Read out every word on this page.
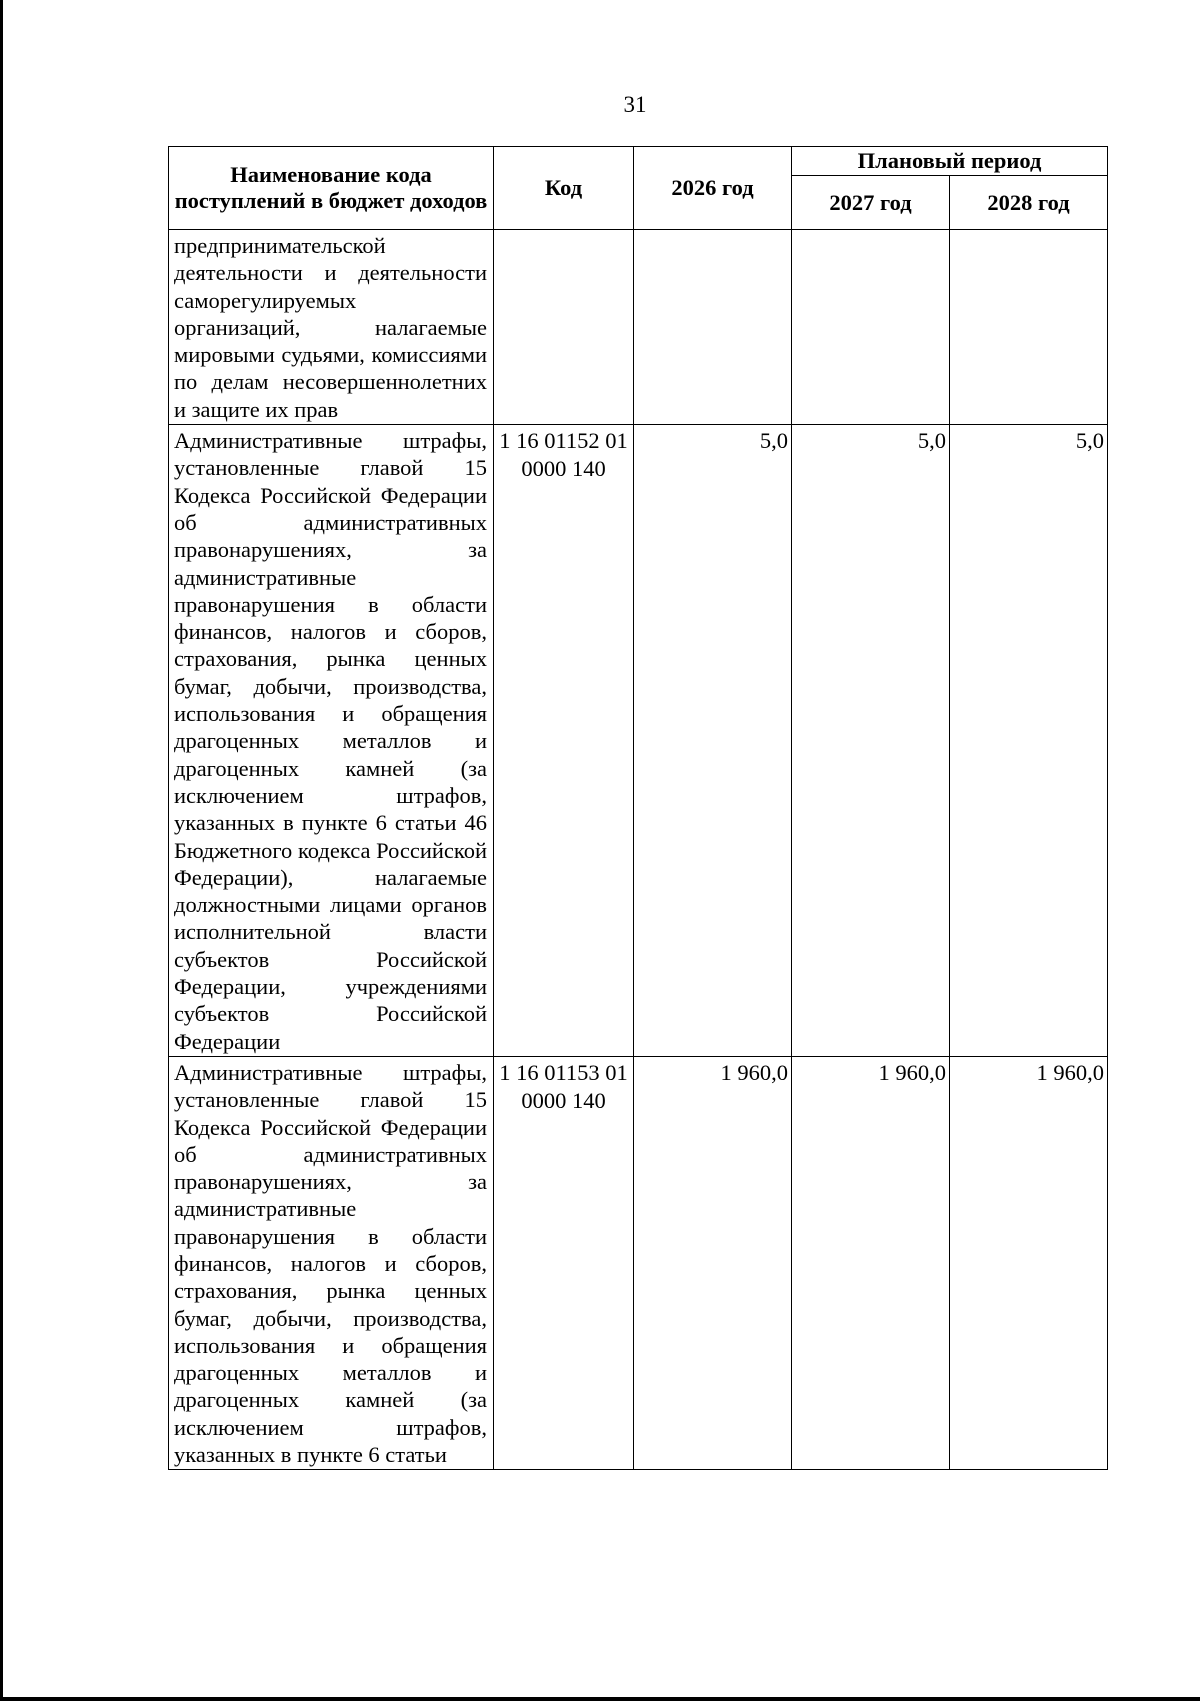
31
Наименование кода поступлений в бюджет доходов	Код	2026 год	Плановый период	
			2027 год	2028 год
предпринимательской деятельности и деятельности саморегулируемых организаций, налагаемые мировыми судьями, комиссиями по делам несовершеннолетних и защите их прав				
Административные штрафы, установленные главой 15 Кодекса Российской Федерации об административных правонарушениях, за административные правонарушения в области финансов, налогов и сборов, страхования, рынка ценных бумаг, добычи, производства, использования и обращения драгоценных металлов и драгоценных камней (за исключением штрафов, указанных в пункте 6 статьи 46 Бюджетного кодекса Российской Федерации), налагаемые должностными лицами органов исполнительной власти субъектов Российской Федерации, учреждениями субъектов Российской Федерации	1 16 01152 01 0000 140	5,0	5,0	5,0
Административные штрафы, установленные главой 15 Кодекса Российской Федерации об административных правонарушениях, за административные правонарушения в области финансов, налогов и сборов, страхования, рынка ценных бумаг, добычи, производства, использования и обращения драгоценных металлов и драгоценных камней (за исключением штрафов, указанных в пункте 6 статьи	1 16 01153 01 0000 140	1 960,0	1 960,0	1 960,0
